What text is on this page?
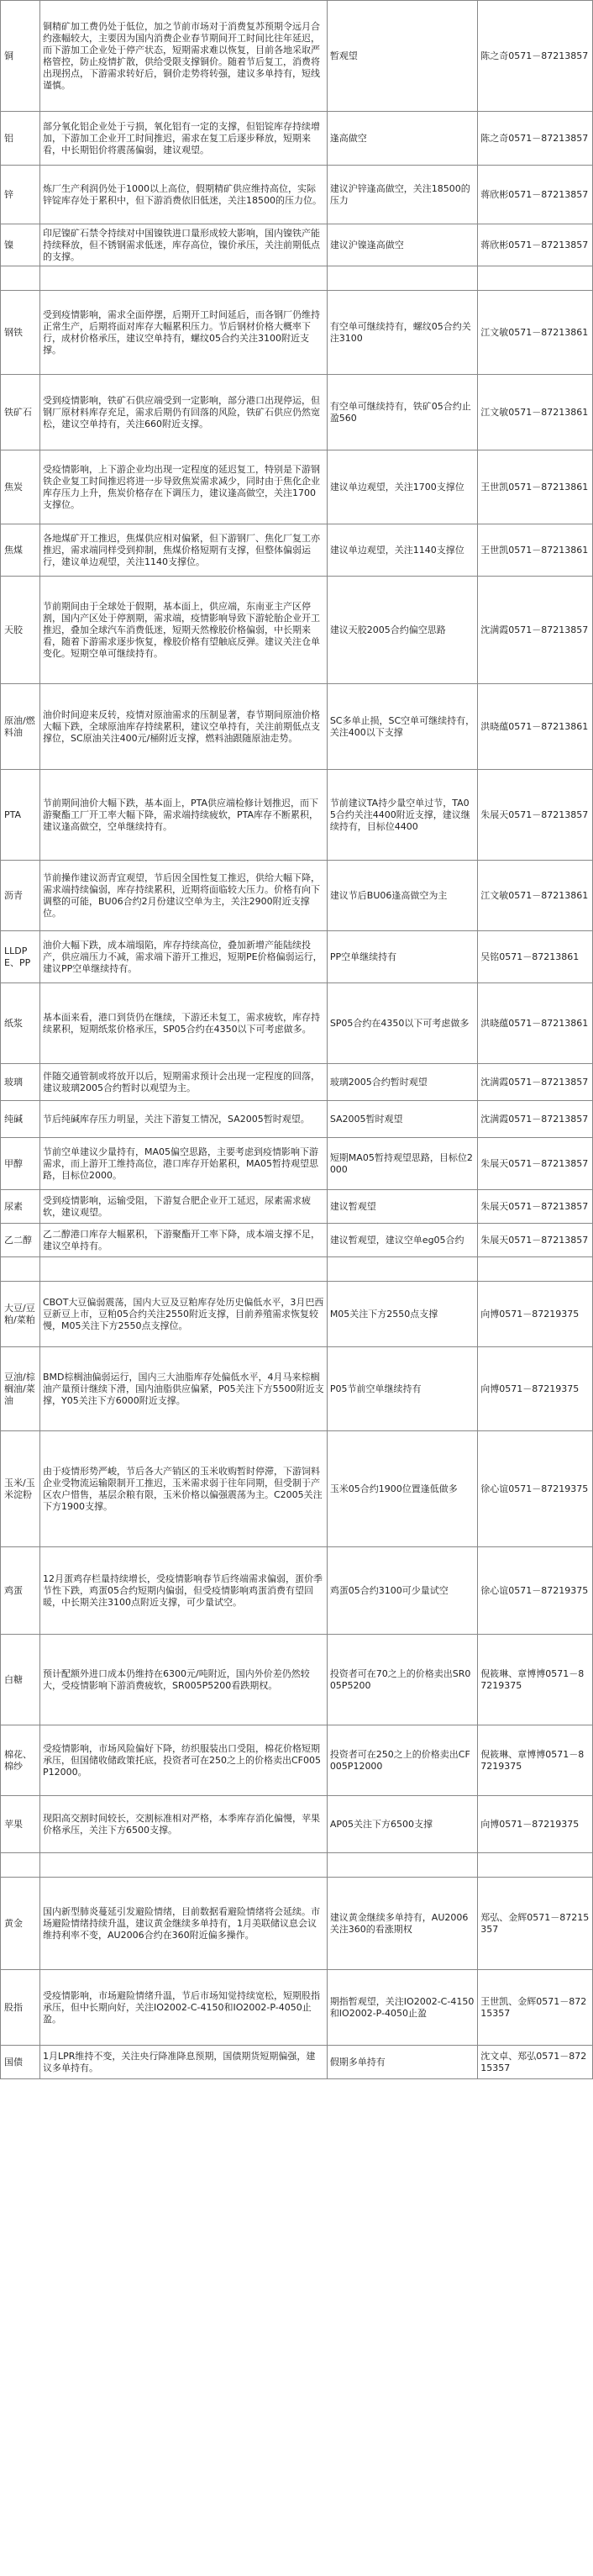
铜	铜精矿加工费仍处于低位，加之节前市场对于消费复苏预期令远月合约涨幅较大，主要因为国内消费企业春节期间开工时间比往年延迟，而下游加工企业处于停产状态，短期需求难以恢复，目前各地采取严格管控，防止疫情扩散，供给受限支撑铜价。随着节后复工，消费将出现拐点，下游需求转好后，铜价走势将转强，建议多单持有，短线谨慎。	暂观望	陈之奇0571－87213857
铝	部分氧化铝企业处于亏损，氧化铝有一定的支撑，但铝锭库存持续增加，下游加工企业开工时间推迟，需求在复工后逐步释放，短期来看，中长期铝价将震荡偏弱，建议观望。	逢高做空	陈之奇0571－87213857
锌	炼厂生产利润仍处于1000以上高位，假期精矿供应维持高位，实际锌锭库存处于累积中，但下游消费依旧低迷，关注18500的压力位。	建议沪锌逢高做空，关注18500的压力	蒋欣彬0571－87213857
镍	印尼镍矿石禁令持续对中国镍铁进口量形成较大影响，国内镍铁产能持续释放，但不锈钢需求低迷，库存高位，镍价承压，关注前期低点的支撑。	建议沪镍逢高做空	蒋欣彬0571－87213857

钢铁	受到疫情影响，需求全面停摆，后期开工时间延后，而各钢厂仍维持正常生产，后期将面对库存大幅累积压力。节后钢材价格大概率下行，成材价格承压，建议空单持有，螺纹05合约关注3100附近支撑。	有空单可继续持有，螺纹05合约关注3100	江文敏0571－87213861
铁矿石	受到疫情影响，铁矿石供应端受到一定影响，部分港口出现停运，但钢厂原材料库存充足，需求后期仍有回落的风险，铁矿石供应仍然宽松，建议空单持有，关注660附近支撑。	有空单可继续持有，铁矿05合约止盈560	江文敏0571－87213861
焦炭	受疫情影响，上下游企业均出现一定程度的延迟复工，特别是下游钢铁企业复工时间推迟将进一步导致焦炭需求减少，同时由于焦化企业库存压力上升，焦炭价格存在下调压力，建议逢高做空，关注1700支撑位。	建议单边观望，关注1700支撑位	王世凯0571－87213861
焦煤	各地煤矿开工推迟，焦煤供应相对偏紧，但下游钢厂、焦化厂复工亦推迟，需求端同样受到抑制，焦煤价格短期有支撑，但整体偏弱运行，建议单边观望，关注1140支撑位。	建议单边观望，关注1140支撑位	王世凯0571－87213861
天胶	节前期间由于全球处于假期，基本面上，供应端，东南亚主产区停割，国内产区处于停割期，需求端，疫情影响导致下游轮胎企业开工推迟，叠加全球汽车消费低迷，短期天然橡胶价格偏弱，中长期来看，随着下游需求逐步恢复，橡胶价格有望触底反弹。建议关注仓单变化。短期空单可继续持有。	建议天胶2005合约偏空思路	沈满霞0571－87213857
原油/燃料油	油价时间迎来反转，疫情对原油需求的压制显著，春节期间原油价格大幅下跌，全球原油库存持续累积，建议空单持有，关注前期低点支撑位，SC原油关注400元/桶附近支撑，燃料油跟随原油走势。	SC多单止损，SC空单可继续持有，关注400以下支撑	洪晓蕴0571－87213861
PTA	节前期间油价大幅下跌，基本面上，PTA供应端检修计划推迟，而下游聚酯工厂开工率大幅下降，需求端持续疲软，PTA库存不断累积，建议逢高做空，空单继续持有。	节前建议TA持少量空单过节，TA05合约关注4400附近支撑，建议继续持有，目标位4400	朱展天0571－87213857
沥青	节前操作建议沥青宜观望，节后因全国性复工推迟，供给大幅下降，需求端持续偏弱，库存持续累积，近期将面临较大压力。价格有向下调整的可能，BU06合约2月份建议空单为主，关注2900附近支撑位。	建议节后BU06逢高做空为主	江文敏0571－87213861
LLDPE、PP	油价大幅下跌，成本端塌陷，库存持续高位，叠加新增产能陆续投产，供应端压力不减，需求端下游开工推迟，短期PE价格偏弱运行，建议PP空单继续持有。	PP空单继续持有	吴铭0571－87213861
纸浆	基本面来看，港口到货仍在继续，下游还未复工，需求疲软，库存持续累积，短期纸浆价格承压，SP05合约在4350以下可考虑做多。	SP05合约在4350以下可考虑做多	洪晓蕴0571－87213861
玻璃	伴随交通管制或将放开以后，短期需求预计会出现一定程度的回落，建议玻璃2005合约暂时以观望为主。	玻璃2005合约暂时观望	沈满霞0571－87213857
纯碱	节后纯碱库存压力明显，关注下游复工情况，SA2005暂时观望。	SA2005暂时观望	沈满霞0571－87213857
甲醇	节前空单建议少量持有，MA05偏空思路，主要考虑到疫情影响下游需求，而上游开工维持高位，港口库存开始累积，MA05暂持观望思路，目标位2000。	短期MA05暂持观望思路，目标位2000	朱展天0571－87213857
尿素	受到疫情影响，运输受阻，下游复合肥企业开工延迟，尿素需求疲软，建议观望。	建议暂观望	朱展天0571－87213857
乙二醇	乙二醇港口库存大幅累积，下游聚酯开工率下降，成本端支撑不足，建议空单持有。	建议暂观望，建议空单eg05合约	朱展天0571－87213857

大豆/豆粕/菜粕	CBOT大豆偏弱震荡，国内大豆及豆粕库存处历史偏低水平，3月巴西豆新豆上市，豆粕05合约关注2550附近支撑，目前养殖需求恢复较慢，M05关注下方2550点支撑位。	M05关注下方2550点支撑	向博0571－87219375
豆油/棕榈油/菜油	BMD棕榈油偏弱运行，国内三大油脂库存处偏低水平，4月马来棕榈油产量预计继续下滑，国内油脂供应偏紧，P05关注下方5500附近支撑，Y05关注下方6000附近支撑。	P05节前空单继续持有	向博0571－87219375
玉米/玉米淀粉	由于疫情形势严峻，节后各大产销区的玉米收购暂时停滞，下游饲料企业受物流运输限制开工推迟，玉米需求弱于往年同期，但受制于产区农户惜售，基层余粮有限，玉米价格以偏强震荡为主。C2005关注下方1900支撑。	玉米05合约1900位置逢低做多	徐心谊0571－87219375
鸡蛋	12月蛋鸡存栏量持续增长，受疫情影响春节后终端需求偏弱，蛋价季节性下跌，鸡蛋05合约短期内偏弱，但受疫情影响鸡蛋消费有望回暖，中长期关注3100点附近支撑，可少量试空。	鸡蛋05合约3100可少量试空	徐心谊0571－87219375
白糖	预计配额外进口成本仍维持在6300元/吨附近，国内外价差仍然较大，受疫情影响下游消费疲软，SR005P5200看跌期权。	投资者可在70之上的价格卖出SR005P5200	倪筱琳、章博博0571－87219375
棉花、棉纱	受疫情影响，市场风险偏好下降，纺织服装出口受阻，棉花价格短期承压，但国储收储政策托底，投资者可在250之上的价格卖出CF005P12000。	投资者可在250之上的价格卖出CF005P12000	倪筱琳、章博博0571－87219375
苹果	现阳高交割时间较长，交割标准相对严格，本季库存消化偏慢，苹果价格承压，关注下方6500支撑。	AP05关注下方6500支撑	向博0571－87219375

黄金	国内新型肺炎蔓延引发避险情绪，目前数据看避险情绪将会延续。市场避险情绪持续升温，建议黄金继续多单持有，1月美联储议息会议维持利率不变，AU2006合约在360附近偏多操作。	建议黄金继续多单持有，AU2006关注360的看涨期权	郑弘、金辉0571－87215357
股指	受疫情影响，市场避险情绪升温，节后市场知觉持续宽松，短期股指承压，但中长期向好，关注IO2002-C-4150和IO2002-P-4050止盈。	期指暂观望，关注IO2002-C-4150和IO2002-P-4050止盈	王世凯、金辉0571－87215357
国债	1月LPR维持不变，关注央行降准降息预期，国债期货短期偏强，建议多单持有。	假期多单持有	沈文卓、郑弘0571－87215357
